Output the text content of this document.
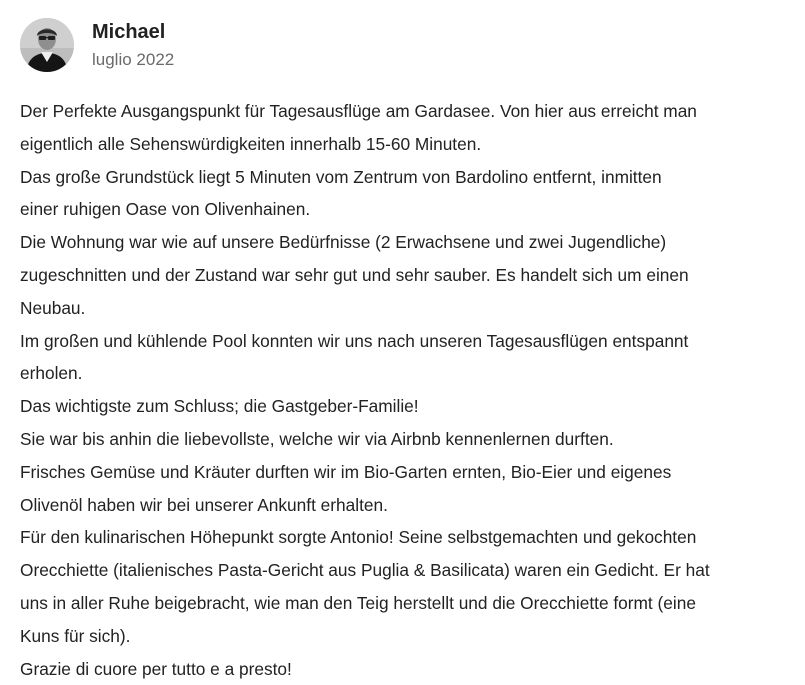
Michael
luglio 2022
Der Perfekte Ausgangspunkt für Tagesausflüge am Gardasee. Von hier aus erreicht man
eigentlich alle Sehenswürdigkeiten innerhalb 15-60 Minuten.
Das große Grundstück liegt 5 Minuten vom Zentrum von Bardolino entfernt, inmitten
einer ruhigen Oase von Olivenhainen.
Die Wohnung war wie auf unsere Bedürfnisse (2 Erwachsene und zwei Jugendliche)
zugeschnitten und der Zustand war sehr gut und sehr sauber. Es handelt sich um einen
Neubau.
Im großen und kühlende Pool konnten wir uns nach unseren Tagesausflügen entspannt
erholen.
Das wichtigste zum Schluss; die Gastgeber-Familie!
Sie war bis anhin die liebevollste, welche wir via Airbnb kennenlernen durften.
Frisches Gemüse und Kräuter durften wir im Bio-Garten ernten, Bio-Eier und eigenes
Olivenöl haben wir bei unserer Ankunft erhalten.
Für den kulinarischen Höhepunkt sorgte Antonio! Seine selbstgemachten und gekochten
Orecchiette (italienisches Pasta-Gericht aus Puglia & Basilicata) waren ein Gedicht. Er hat
uns in aller Ruhe beigebracht, wie man den Teig herstellt und die Orecchiette formt (eine
Kuns für sich).
Grazie di cuore per tutto e a presto!
